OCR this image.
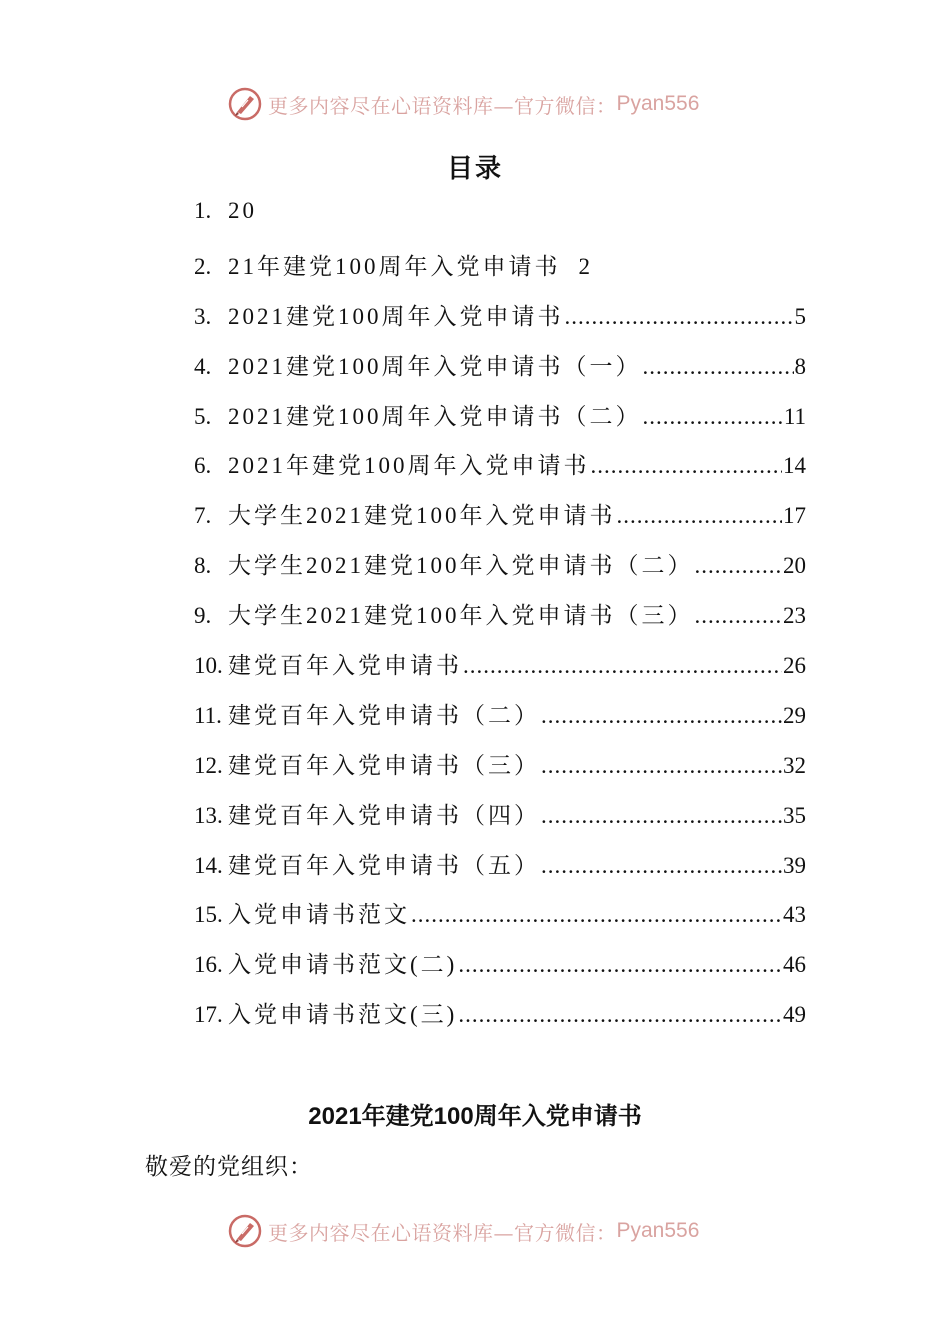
更多内容尽在心语资料库—官方微信： Pyan556
目录
1. 20
2. 21年建党100周年入党申请书 2
3. 2021建党100周年入党申请书 .....	5
4. 2021建党100周年入党申请书（一） .....	8
5. 2021建党100周年入党申请书（二） .....	11
6. 2021年建党100周年入党申请书 .....	14
7. 大学生2021建党100年入党申请书 .....	17
8. 大学生2021建党100年入党申请书（二） .....	20
9. 大学生2021建党100年入党申请书（三） .....	23
10. 建党百年入党申请书 .....	26
11. 建党百年入党申请书（二） .....	29
12. 建党百年入党申请书（三） .....	32
13. 建党百年入党申请书（四） .....	35
14. 建党百年入党申请书（五） .....	39
15. 入党申请书范文 .....	43
16. 入党申请书范文(二) .....	46
17. 入党申请书范文(三) .....	49
2021年建党100周年入党申请书
敬爱的党组织：
更多内容尽在心语资料库—官方微信： Pyan556
